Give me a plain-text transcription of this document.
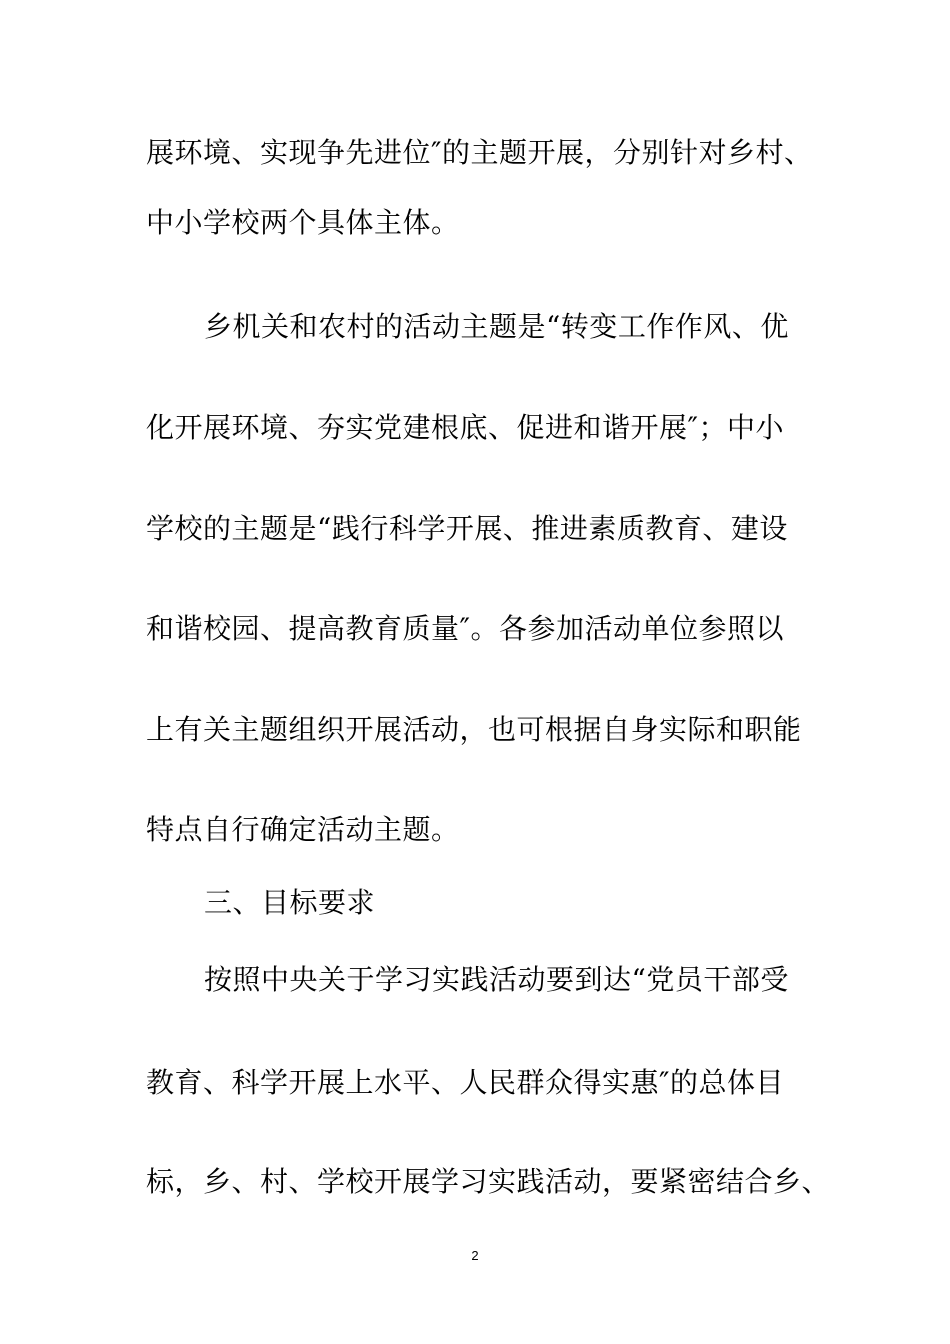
展环境、实现争先进位″的主题开展，分别针对乡村、
中小学校两个具体主体。
乡机关和农村的活动主题是“转变工作作风、优
化开展环境、夯实党建根底、促进和谐开展″；中小
学校的主题是“践行科学开展、推进素质教育、建设
和谐校园、提高教育质量″。各参加活动单位参照以
上有关主题组织开展活动，也可根据自身实际和职能
特点自行确定活动主题。
三、目标要求
按照中央关于学习实践活动要到达“党员干部受
教育、科学开展上水平、人民群众得实惠″的总体目
标，乡、村、学校开展学习实践活动，要紧密结合乡、
2
